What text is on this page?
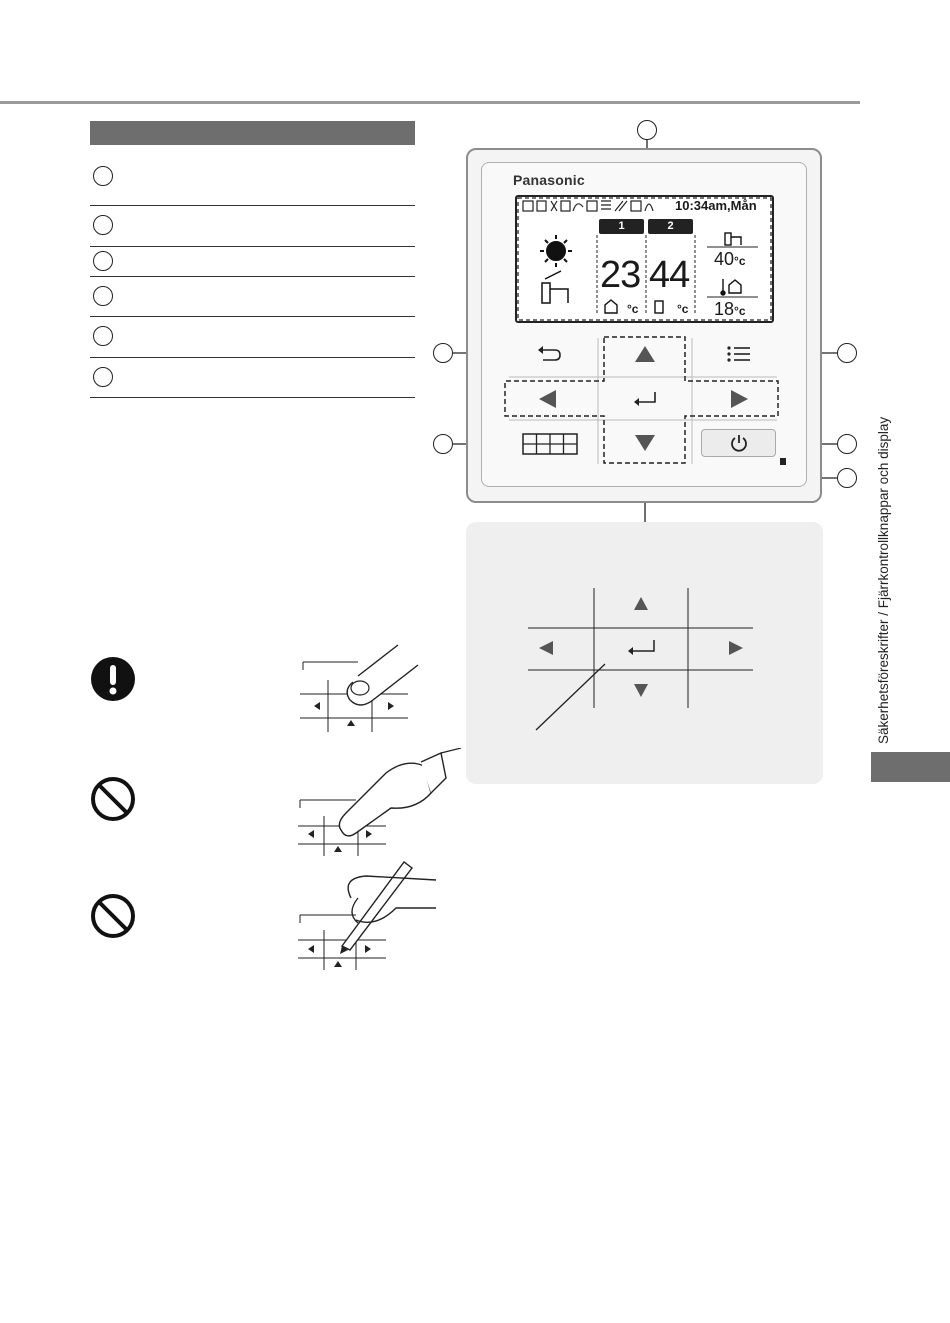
Säkerhetsföreskrifter / Fjärrkontrollknappar och display
Panasonic
10:34am,Mån
1	2
23 44
°c	°c
40°c
18°c
